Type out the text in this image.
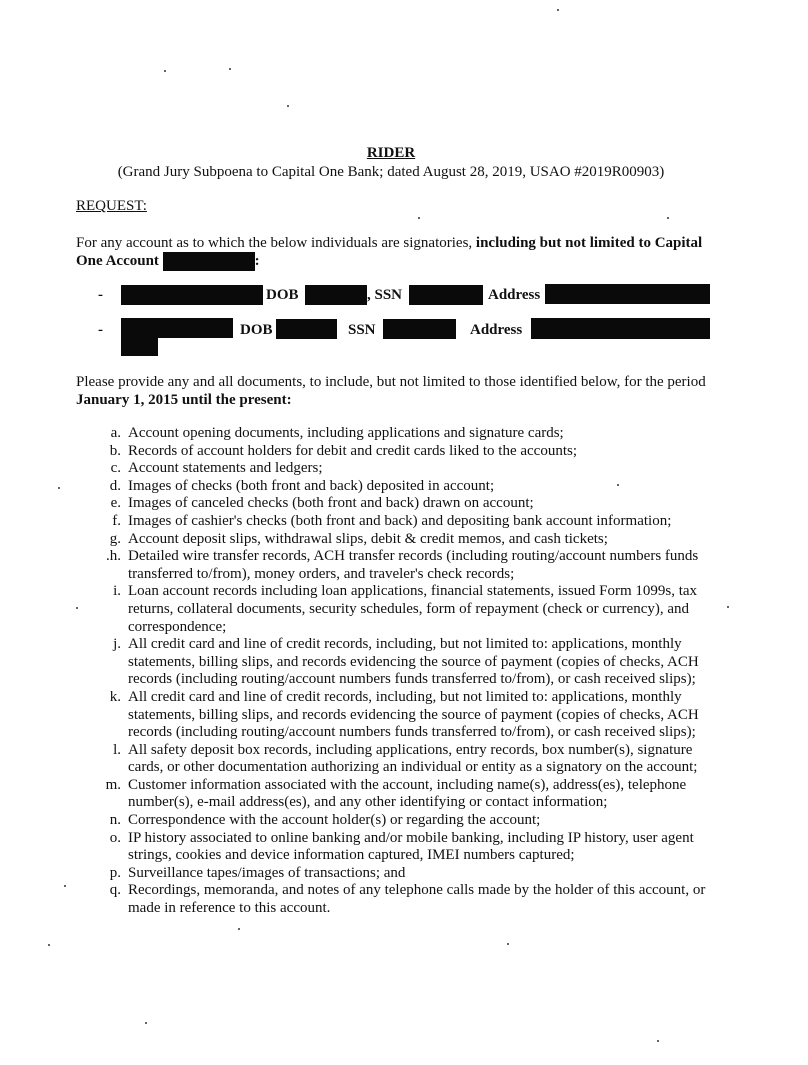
RIDER
(Grand Jury Subpoena to Capital One Bank; dated August 28, 2019, USAO #2019R00903)
REQUEST:
For any account as to which the below individuals are signatories, including but not limited to Capital One Account	:
-	DOB	, SSN	Address
-	DOB	SSN	Address
Please provide any and all documents, to include, but not limited to those identified below, for the period January 1, 2015 until the present:
a. Account opening documents, including applications and signature cards;
b. Records of account holders for debit and credit cards liked to the accounts;
c. Account statements and ledgers;
d. Images of checks (both front and back) deposited in account;
e. Images of canceled checks (both front and back) drawn on account;
f. Images of cashier's checks (both front and back) and depositing bank account information;
g. Account deposit slips, withdrawal slips, debit & credit memos, and cash tickets;
.h. Detailed wire transfer records, ACH transfer records (including routing/account numbers funds transferred to/from), money orders, and traveler's check records;
i. Loan account records including loan applications, financial statements, issued Form 1099s, tax returns, collateral documents, security schedules, form of repayment (check or currency), and correspondence;
j. All credit card and line of credit records, including, but not limited to: applications, monthly statements, billing slips, and records evidencing the source of payment (copies of checks, ACH records (including routing/account numbers funds transferred to/from), or cash received slips);
k. All credit card and line of credit records, including, but not limited to: applications, monthly statements, billing slips, and records evidencing the source of payment (copies of checks, ACH records (including routing/account numbers funds transferred to/from), or cash received slips);
l. All safety deposit box records, including applications, entry records, box number(s), signature cards, or other documentation authorizing an individual or entity as a signatory on the account;
m. Customer information associated with the account, including name(s), address(es), telephone number(s), e-mail address(es), and any other identifying or contact information;
n. Correspondence with the account holder(s) or regarding the account;
o. IP history associated to online banking and/or mobile banking, including IP history, user agent strings, cookies and device information captured, IMEI numbers captured;
p. Surveillance tapes/images of transactions; and
q. Recordings, memoranda, and notes of any telephone calls made by the holder of this account, or made in reference to this account.
